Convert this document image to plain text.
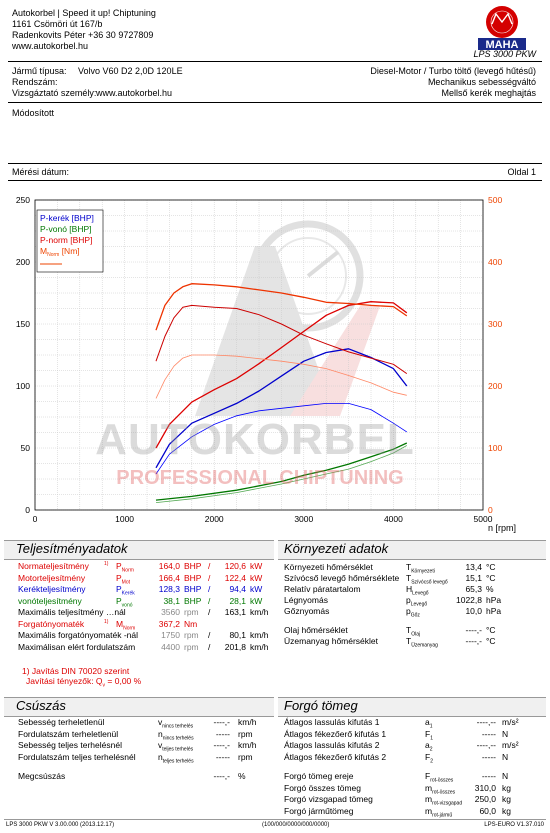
Autokorbel | Speed it up! Chiptuning
1161 Csömöri út 167/b
Radenkovits Péter +36 30 9727809
www.autokorbel.hu	MAHA
Maschinenbau Haldenwang
LPS 3000 PKW
Jármű típusa: Volvo V60 D2 2,0D 120LE
Rendszám:
Vizsgáztató személy: www.autokorbel.hu
Diesel-Motor / Turbo töltő (levegő hűtésű)
Mechanikus sebességváltó
Mellső kerék meghajtás
Módosított
Mérési dátum:	Oldal 1
0	1000	2000	3000	4000	5000
0
50
100
150
200
250
0
100
200
300
400
500
n [rpm]
AUTOKORBEL
PROFESSIONAL CHIPTUNING
P-kerék [BHP]
P-vonó [BHP]
P-norm [BHP]
$M_{Norm}$ [Nm]
Teljesítményadatok	Környezeti adatok
Normateljesítmény	1) $P_{Norm}$	164,0 BHP /	120,6 kW
Motorteljesítmény	$P_{Mot}$	166,4 BHP /	122,4 kW
Kerékteljesítmény	$P_{Kerék}$	128,3 BHP /	94,4 kW
vonóteljesítmény	$P_{vonó}$	38,1 BHP /	28,1 kW
Maximális teljesítmény …nál	3560 rpm /	163,1 km/h
Forgatónyomaték	1) $M_{Norm}$	367,2 Nm
Maximális forgatónyomaték -nál	1750 rpm /	80,1 km/h
Maximálisan elért fordulatszám	4400 rpm /	201,8 km/h
1) Javítás DIN 70020 szerint
Javítási tényezők: $Q_v = 0,00$ %
Környezeti hőmérséklet	$T_{Környezeti}$	13,4 °C
Szívócső levegő hőmérséklete $T_{Szívócső levegő}$	15,1 °C
Relatív páratartalom	$H_{Levegő}$	65,3 %
Légnyomás	$p_{Levegő}$	1022,8 hPa
Gőznyomás	$p_{Gőz}$	10,0 hPa
Olaj hőmérséklet	$T_{Olaj}$	----,- °C
Üzemanyag hőmérséklet	$T_{Üzemanyag}$	----,- °C
Csúszás	Forgó tömeg
Sebesség terheletlenül	$v_{nincs terhelés}$	----,- km/h
Fordulatszám terheletlenül	$n_{nincs terhelés}$	----- rpm
Sebesség teljes terhelésnél	$v_{teljes terhelés}$	----,- km/h
Fordulatszám teljes terhelésnél	$n_{teljes terhelés}$	----- rpm
Megcsúszás	----,- %
Átlagos lassulás kifutás 1	$a_1$	----,-- m/s²
Átlagos fékezőerő kifutás 1	$F_1$	----- N
Átlagos lassulás kifutás 2	$a_2$	----,-- m/s²
Átlagos fékezőerő kifutás 2	$F_2$	----- N
Forgó tömeg ereje	$F_{rot-összes}$	----- N
Forgó összes tömeg	$m_{rot-összes}$	310,0 kg
Forgó vizsgapad tömeg	$m_{rot-vizsgapad}$	250,0 kg
Forgó járműtömeg	$m_{rot-jármű}$	60,0 kg
LPS 3000 PKW V 3.00.000 (2013.12.17)	(100/000/0000/000/0000)	LPS-EURO V1.37.010
